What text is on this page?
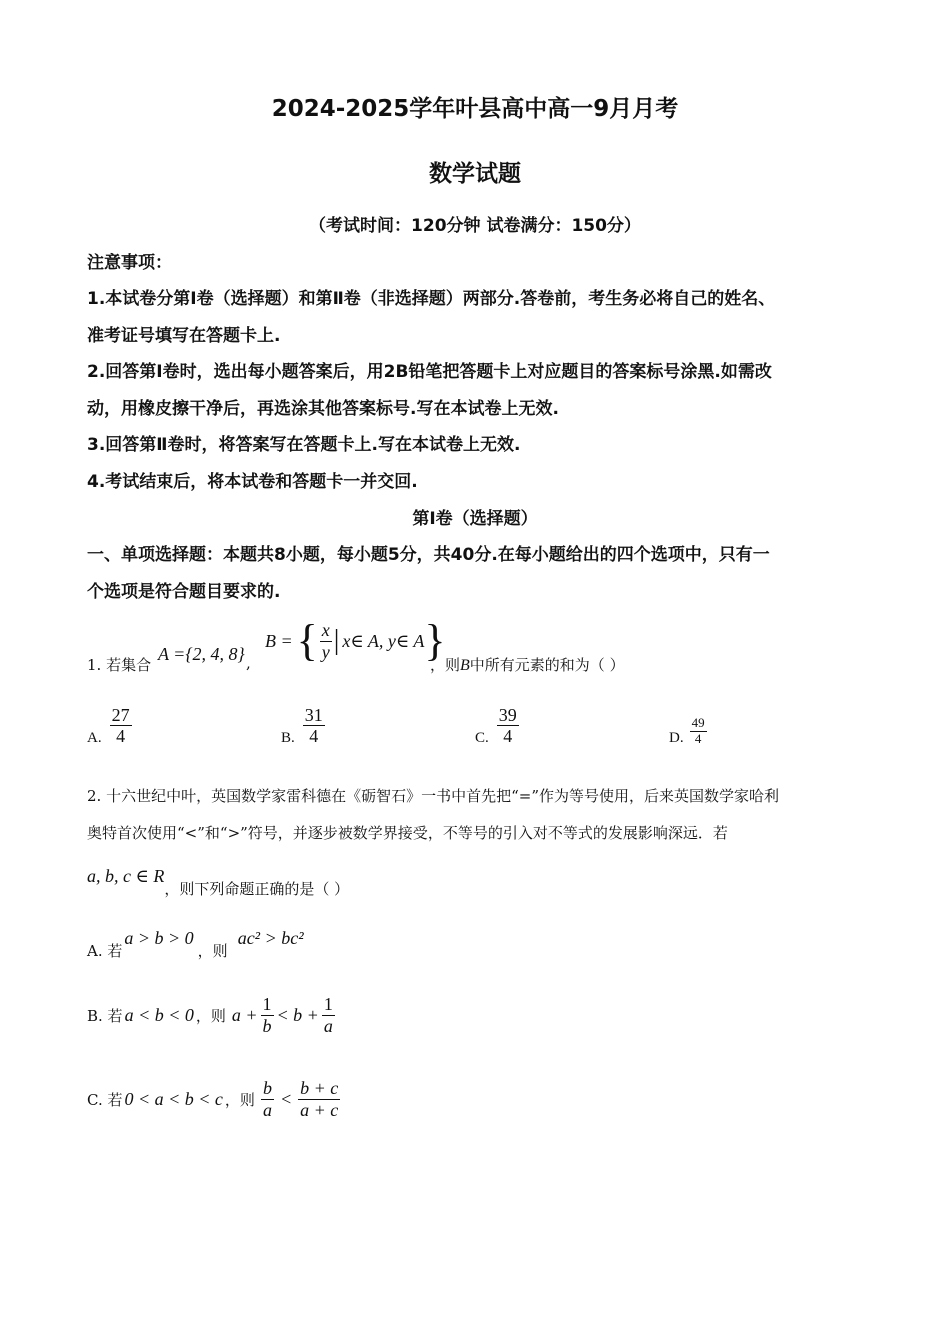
2024-2025学年叶县高中高一9月月考
数学试题
（考试时间：120分钟 试卷满分：150分）
注意事项：
1.本试卷分第Ⅰ卷（选择题）和第Ⅱ卷（非选择题）两部分.答卷前，考生务必将自己的姓名、
准考证号填写在答题卡上.
2.回答第Ⅰ卷时，选出每小题答案后，用2B铅笔把答题卡上对应题目的答案标号涂黑.如需改
动，用橡皮擦干净后，再选涂其他答案标号.写在本试卷上无效.
3.回答第Ⅱ卷时，将答案写在答题卡上.写在本试卷上无效.
4.考试结束后，将本试卷和答题卡一并交回.
第I卷（选择题）
一、单项选择题：本题共8小题，每小题5分，共40分.在每小题给出的四个选项中，只有一
个选项是符合题目要求的.
1. 若集合
A ={2, 4, 8} ,
B = { $\frac{x}{y}$ | x∈ A, y∈ A }
，则B中所有元素的和为（ ）
A. $\frac{27}{4}$	B. $\frac{31}{4}$	C. $\frac{39}{4}$	D. $\frac{49}{4}$
2. 十六世纪中叶，英国数学家雷科德在《砺智石》一书中首先把“=”作为等号使用，后来英国数学家哈利
奥特首次使用“<”和“>”符号，并逐步被数学界接受，不等号的引入对不等式的发展影响深远．若
a, b, c ∈ R
，则下列命题正确的是（ ）
A. 若
a > b > 0
，则
ac² > bc²
B. 若 a < b < 0 ，则 $a + \frac{1}{b} < b + \frac{1}{a}$
C. 若 0 < a < b < c ，则 $\frac{b}{a} < \frac{b + c}{a + c}$
